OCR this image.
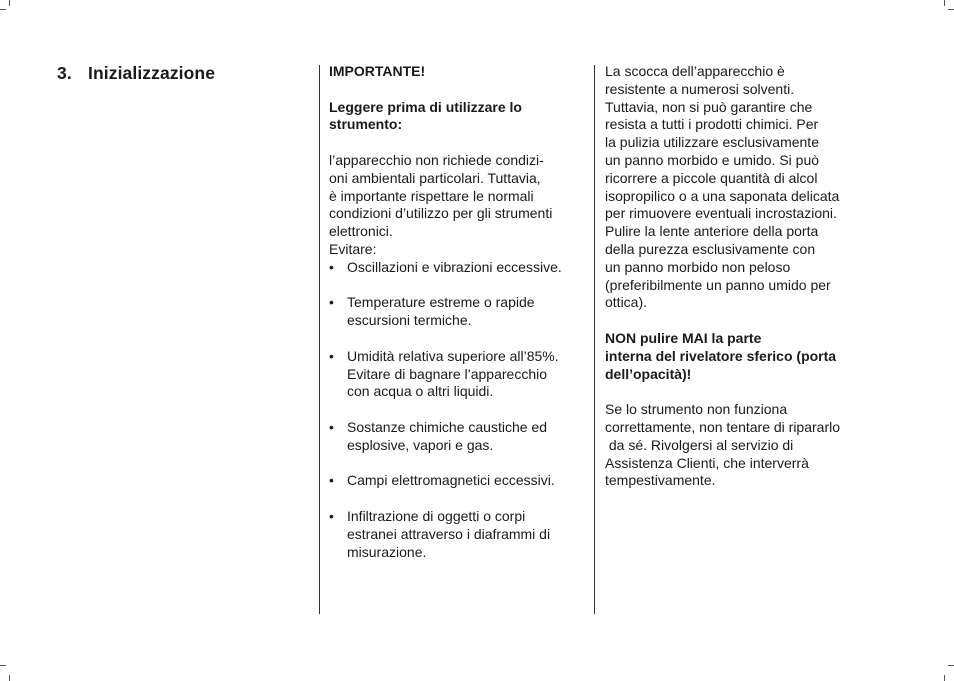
3. Inizializzazione	IMPORTANTE!

Leggere prima di utilizzare lo
strumento:

l’apparecchio non richiede condizi-
oni ambientali particolari. Tuttavia,
è importante rispettare le normali
condizioni d’utilizzo per gli strumenti
elettronici.
Evitare:

• Oscillazioni e vibrazioni eccessive.
• Temperature estreme o rapide
escursioni termiche.
• Umidità relativa superiore all’85%.
Evitare di bagnare l’apparecchio
con acqua o altri liquidi.
• Sostanze chimiche caustiche ed
esplosive, vapori e gas.
• Campi elettromagnetici eccessivi.
• Infiltrazione di oggetti o corpi
estranei attraverso i diaframmi di
misurazione.

La scocca dell’apparecchio è
resistente a numerosi solventi.
Tuttavia, non si può garantire che
resista a tutti i prodotti chimici. Per
la pulizia utilizzare esclusivamente
un panno morbido e umido. Si può
ricorrere a piccole quantità di alcol
isopropilico o a una saponata delicata
per rimuovere eventuali incrostazioni.
Pulire la lente anteriore della porta
della purezza esclusivamente con
un panno morbido non peloso
(preferibilmente un panno umido per
ottica).

NON pulire MAI la parte
interna del rivelatore sferico (porta
dell’opacità)!

Se lo strumento non funziona
correttamente, non tentare di ripararlo
da sé. Rivolgersi al servizio di
Assistenza Clienti, che interverrà
tempestivamente.
